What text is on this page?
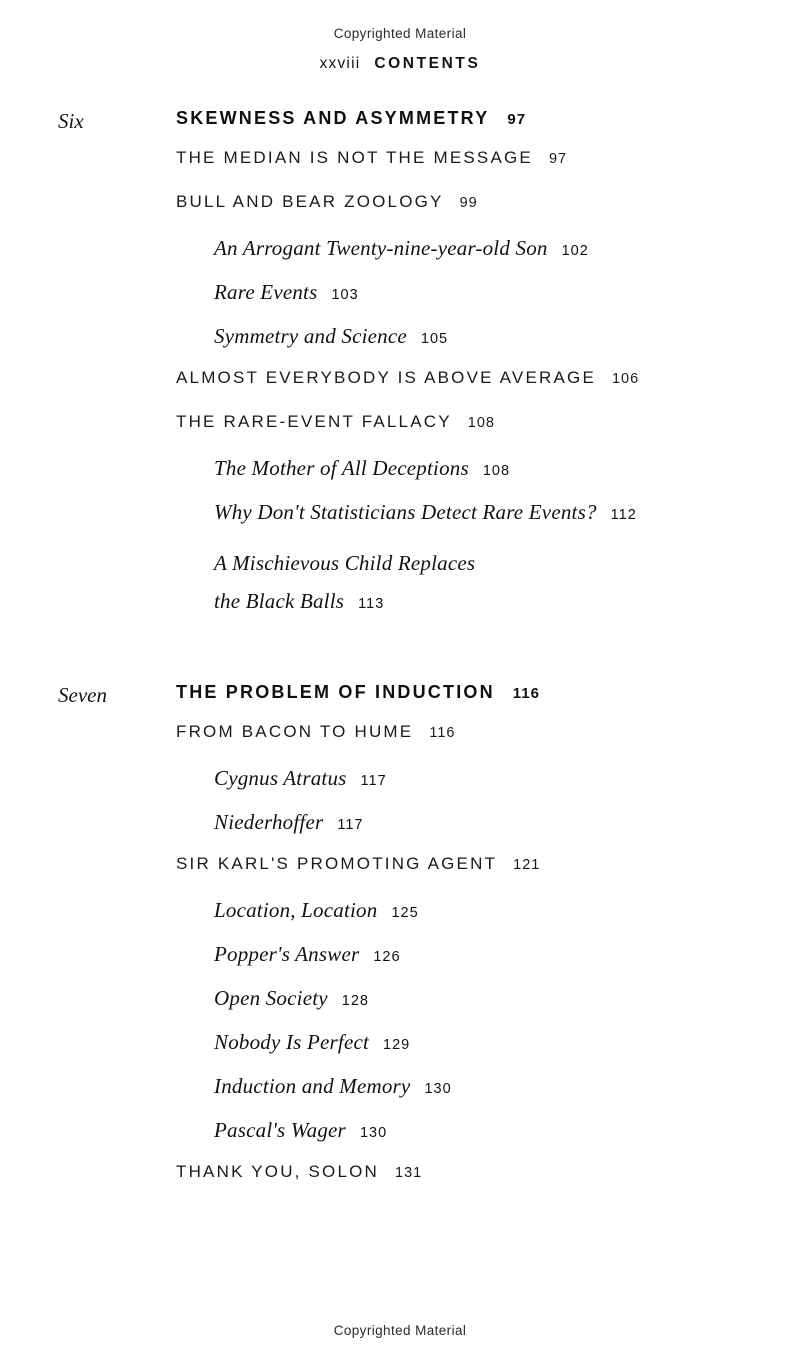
Copyrighted Material
xxviii CONTENTS
Six	SKEWNESS AND ASYMMETRY 97
THE MEDIAN IS NOT THE MESSAGE 97
BULL AND BEAR ZOOLOGY 99
An Arrogant Twenty-nine-year-old Son 102
Rare Events 103
Symmetry and Science 105
ALMOST EVERYBODY IS ABOVE AVERAGE 106
THE RARE-EVENT FALLACY 108
The Mother of All Deceptions 108
Why Don't Statisticians Detect Rare Events? 112
A Mischievous Child Replaces
the Black Balls 113
Seven	THE PROBLEM OF INDUCTION 116
FROM BACON TO HUME 116
Cygnus Atratus 117
Niederhoffer 117
SIR KARL'S PROMOTING AGENT 121
Location, Location 125
Popper's Answer 126
Open Society 128
Nobody Is Perfect 129
Induction and Memory 130
Pascal's Wager 130
THANK YOU, SOLON 131
Copyrighted Material
